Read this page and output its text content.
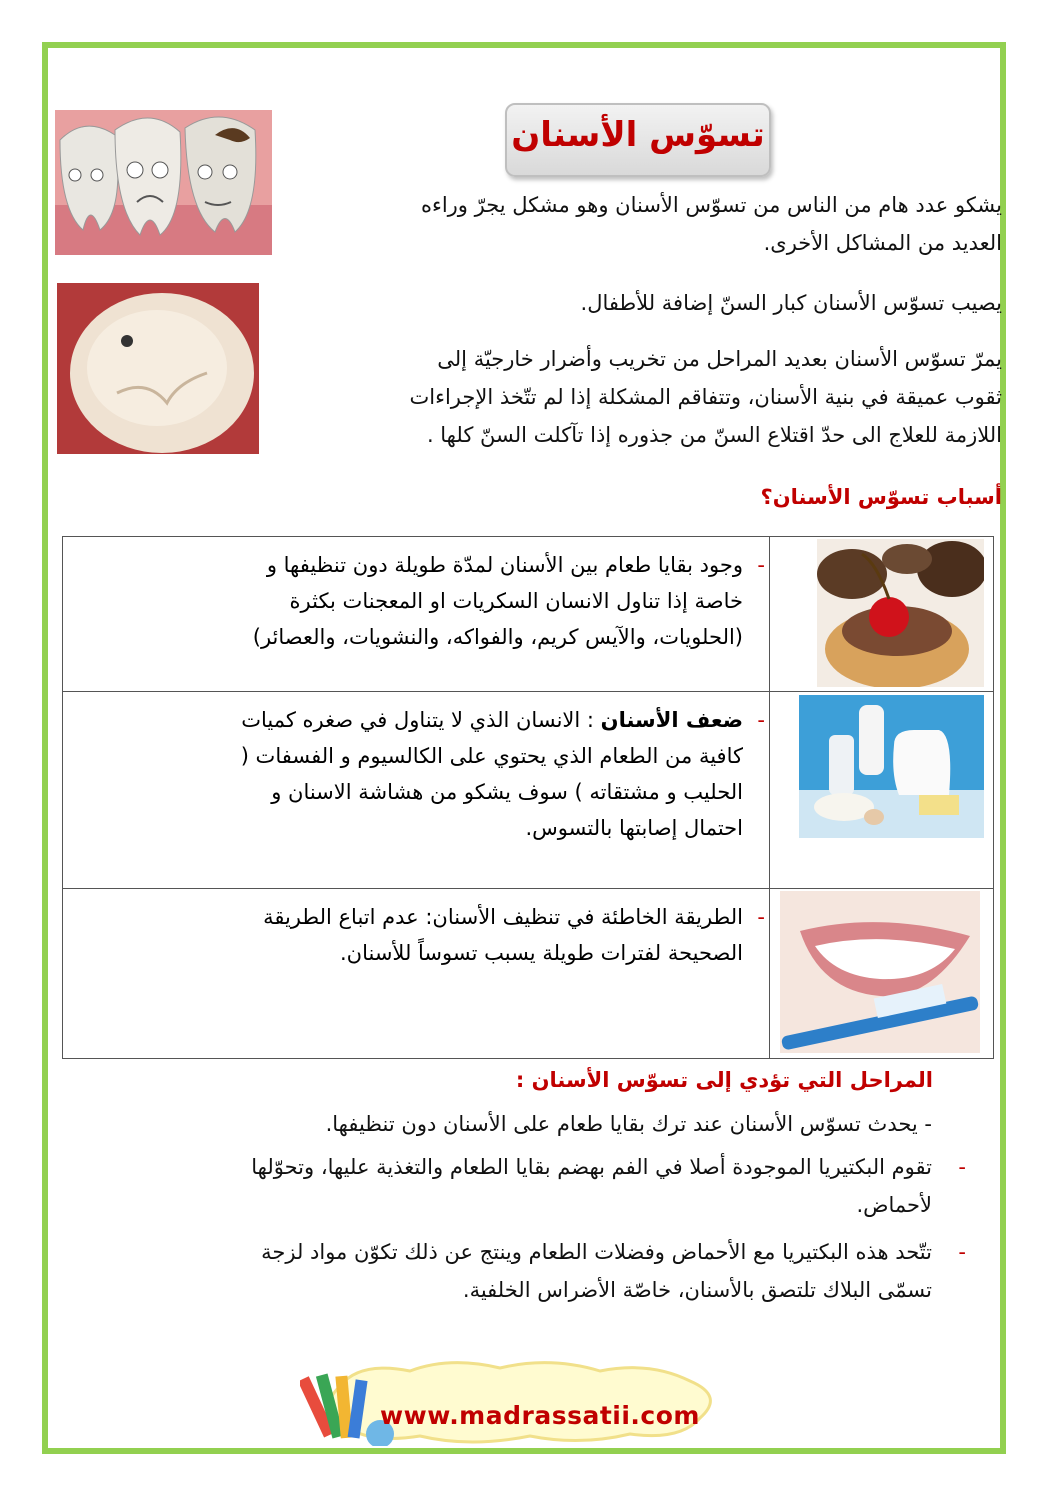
تسوّس الأسنان
يشكو عدد هام من الناس من تسوّس الأسنان وهو مشكل يجرّ وراءه
العديد من المشاكل الأخرى.
يصيب تسوّس الأسنان كبار السنّ إضافة للأطفال.
يمرّ تسوّس الأسنان بعديد المراحل من تخريب وأضرار خارجيّة إلى
ثقوب عميقة في بنية الأسنان، وتتفاقم المشكلة إذا لم تتّخذ الإجراءات
اللازمة للعلاج الى حدّ اقتلاع السنّ من جذوره إذا تآكلت السنّ كلها .
أسباب تسوّس الأسنان؟
-
وجود بقايا طعام بين الأسنان لمدّة طويلة دون تنظيفها و
خاصة إذا تناول الانسان السكريات او المعجنات بكثرة
(الحلويات، والآيس كريم، والفواكه، والنشويات، والعصائر)

-
ضعف الأسنان : الانسان الذي لا يتناول في صغره كميات
كافية من الطعام الذي يحتوي على الكالسيوم و الفسفات (
الحليب و مشتقاته ) سوف يشكو من هشاشة الاسنان و
احتمال إصابتها بالتسوس.

-
الطريقة الخاطئة في تنظيف الأسنان: عدم اتباع الطريقة
الصحيحة لفترات طويلة يسبب تسوساً للأسنان.

المراحل التي تؤدي إلى تسوّس الأسنان :
- يحدث تسوّس الأسنان عند ترك بقايا طعام على الأسنان دون تنظيفها.
-
تقوم البكتيريا الموجودة أصلا في الفم بهضم بقايا الطعام والتغذية عليها، وتحوّلها
لأحماض.
-
تتّحد هذه البكتيريا مع الأحماض وفضلات الطعام وينتج عن ذلك تكوّن مواد لزجة
تسمّى البلاك تلتصق بالأسنان، خاصّة الأضراس الخلفية.
www.madrassatii.com
